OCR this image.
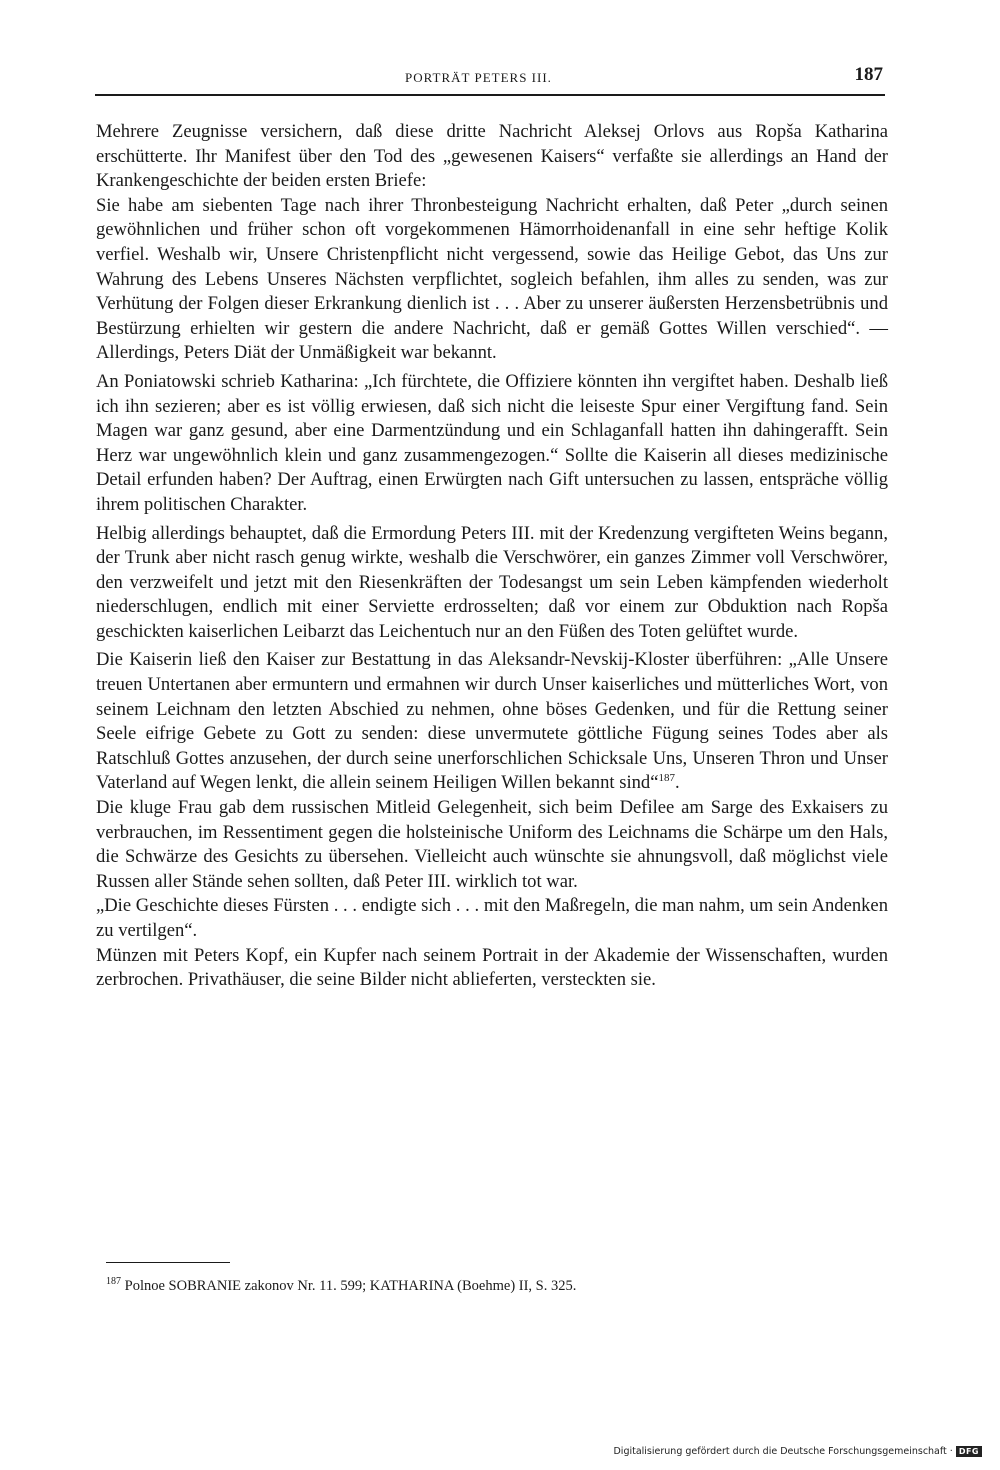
PORTRÄT PETERS III.	187

Mehrere Zeugnisse versichern, daß diese dritte Nachricht Aleksej Orlovs aus Ropša Katharina erschütterte. Ihr Manifest über den Tod des „gewesenen Kaisers“ verfaßte sie allerdings an Hand der Krankengeschichte der beiden ersten Briefe:

Sie habe am siebenten Tage nach ihrer Thronbesteigung Nachricht erhalten, daß Peter „durch seinen gewöhnlichen und früher schon oft vorgekommenen Hämorrhoidenanfall in eine sehr heftige Kolik verfiel. Weshalb wir, Unsere Christenpflicht nicht vergessend, sowie das Heilige Gebot, das Uns zur Wahrung des Lebens Unseres Nächsten verpflichtet, sogleich befahlen, ihm alles zu senden, was zur Verhütung der Folgen dieser Erkrankung dienlich ist . . . Aber zu unserer äußersten Herzensbetrübnis und Bestürzung erhielten wir gestern die andere Nachricht, daß er gemäß Gottes Willen verschied“. — Allerdings, Peters Diät der Unmäßigkeit war bekannt.

An Poniatowski schrieb Katharina: „Ich fürchtete, die Offiziere könnten ihn vergiftet haben. Deshalb ließ ich ihn sezieren; aber es ist völlig erwiesen, daß sich nicht die leiseste Spur einer Vergiftung fand. Sein Magen war ganz gesund, aber eine Darmentzündung und ein Schlaganfall hatten ihn dahingerafft. Sein Herz war ungewöhnlich klein und ganz zusammengezogen.“ Sollte die Kaiserin all dieses medizinische Detail erfunden haben? Der Auftrag, einen Erwürgten nach Gift untersuchen zu lassen, entspräche völlig ihrem politischen Charakter.

Helbig allerdings behauptet, daß die Ermordung Peters III. mit der Kredenzung vergifteten Weins begann, der Trunk aber nicht rasch genug wirkte, weshalb die Verschwörer, ein ganzes Zimmer voll Verschwörer, den verzweifelt und jetzt mit den Riesenkräften der Todesangst um sein Leben kämpfenden wiederholt niederschlugen, endlich mit einer Serviette erdrosselten; daß vor einem zur Obduktion nach Ropša geschickten kaiserlichen Leibarzt das Leichentuch nur an den Füßen des Toten gelüftet wurde.

Die Kaiserin ließ den Kaiser zur Bestattung in das Aleksandr-Nevskij-Kloster überführen: „Alle Unsere treuen Untertanen aber ermuntern und ermahnen wir durch Unser kaiserliches und mütterliches Wort, von seinem Leichnam den letzten Abschied zu nehmen, ohne böses Gedenken, und für die Rettung seiner Seele eifrige Gebete zu Gott zu senden: diese unvermutete göttliche Fügung seines Todes aber als Ratschluß Gottes anzusehen, der durch seine unerforschlichen Schicksale Uns, Unseren Thron und Unser Vaterland auf Wegen lenkt, die allein seinem Heiligen Willen bekannt sind“$^{187}$.

Die kluge Frau gab dem russischen Mitleid Gelegenheit, sich beim Defilee am Sarge des Exkaisers zu verbrauchen, im Ressentiment gegen die holsteinische Uniform des Leichnams die Schärpe um den Hals, die Schwärze des Gesichts zu übersehen. Vielleicht auch wünschte sie ahnungsvoll, daß möglichst viele Russen aller Stände sehen sollten, daß Peter III. wirklich tot war.

„Die Geschichte dieses Fürsten . . . endigte sich . . . mit den Maßregeln, die man nahm, um sein Andenken zu vertilgen“.

Münzen mit Peters Kopf, ein Kupfer nach seinem Portrait in der Akademie der Wissenschaften, wurden zerbrochen. Privathäuser, die seine Bilder nicht ablieferten, versteckten sie.

$^{187}$ Polnoe SOBRANIE zakonov Nr. 11. 599; KATHARINA (Boehme) II, S. 325.
Digitalisierung gefördert durch die Deutsche Forschungsgemeinschaft · DFG
